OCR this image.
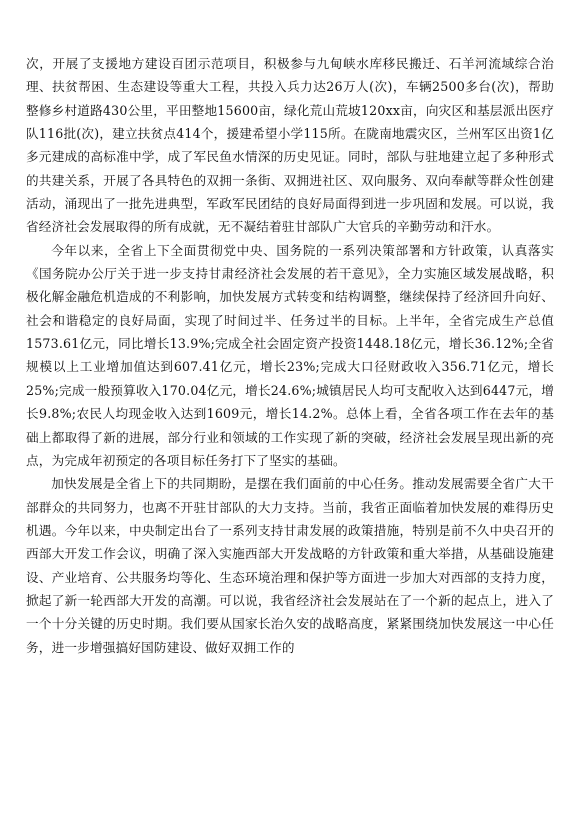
次，开展了支援地方建设百团示范项目，积极参与九甸峡水库移民搬迁、石羊河流域综合治理、扶贫帮困、生态建设等重大工程，共投入兵力达26万人(次)，车辆2500多台(次)，帮助整修乡村道路430公里，平田整地15600亩，绿化荒山荒坡120xx亩，向灾区和基层派出医疗队116批(次)，建立扶贫点414个，援建希望小学115所。在陇南地震灾区，兰州军区出资1亿多元建成的高标准中学，成了军民鱼水情深的历史见证。同时，部队与驻地建立起了多种形式的共建关系，开展了各具特色的双拥一条街、双拥进社区、双向服务、双向奉献等群众性创建活动，涌现出了一批先进典型，军政军民团结的良好局面得到进一步巩固和发展。可以说，我省经济社会发展取得的所有成就，无不凝结着驻甘部队广大官兵的辛勤劳动和汗水。

今年以来，全省上下全面贯彻党中央、国务院的一系列决策部署和方针政策，认真落实《国务院办公厅关于进一步支持甘肃经济社会发展的若干意见》，全力实施区域发展战略，积极化解金融危机造成的不利影响，加快发展方式转变和结构调整，继续保持了经济回升向好、社会和谐稳定的良好局面，实现了时间过半、任务过半的目标。上半年，全省完成生产总值1573.61亿元，同比增长13.9%;完成全社会固定资产投资1448.18亿元，增长36.12%;全省规模以上工业增加值达到607.41亿元，增长23%;完成大口径财政收入356.71亿元，增长25%;完成一般预算收入170.04亿元，增长24.6%;城镇居民人均可支配收入达到6447元，增长9.8%;农民人均现金收入达到1609元，增长14.2%。总体上看，全省各项工作在去年的基础上都取得了新的进展，部分行业和领域的工作实现了新的突破，经济社会发展呈现出新的亮点，为完成年初预定的各项目标任务打下了坚实的基础。

加快发展是全省上下的共同期盼，是摆在我们面前的中心任务。推动发展需要全省广大干部群众的共同努力，也离不开驻甘部队的大力支持。当前，我省正面临着加快发展的难得历史机遇。今年以来，中央制定出台了一系列支持甘肃发展的政策措施，特别是前不久中央召开的西部大开发工作会议，明确了深入实施西部大开发战略的方针政策和重大举措，从基础设施建设、产业培育、公共服务均等化、生态环境治理和保护等方面进一步加大对西部的支持力度，掀起了新一轮西部大开发的高潮。可以说，我省经济社会发展站在了一个新的起点上，进入了一个十分关键的历史时期。我们要从国家长治久安的战略高度，紧紧围绕加快发展这一中心任务，进一步增强搞好国防建设、做好双拥工作的
